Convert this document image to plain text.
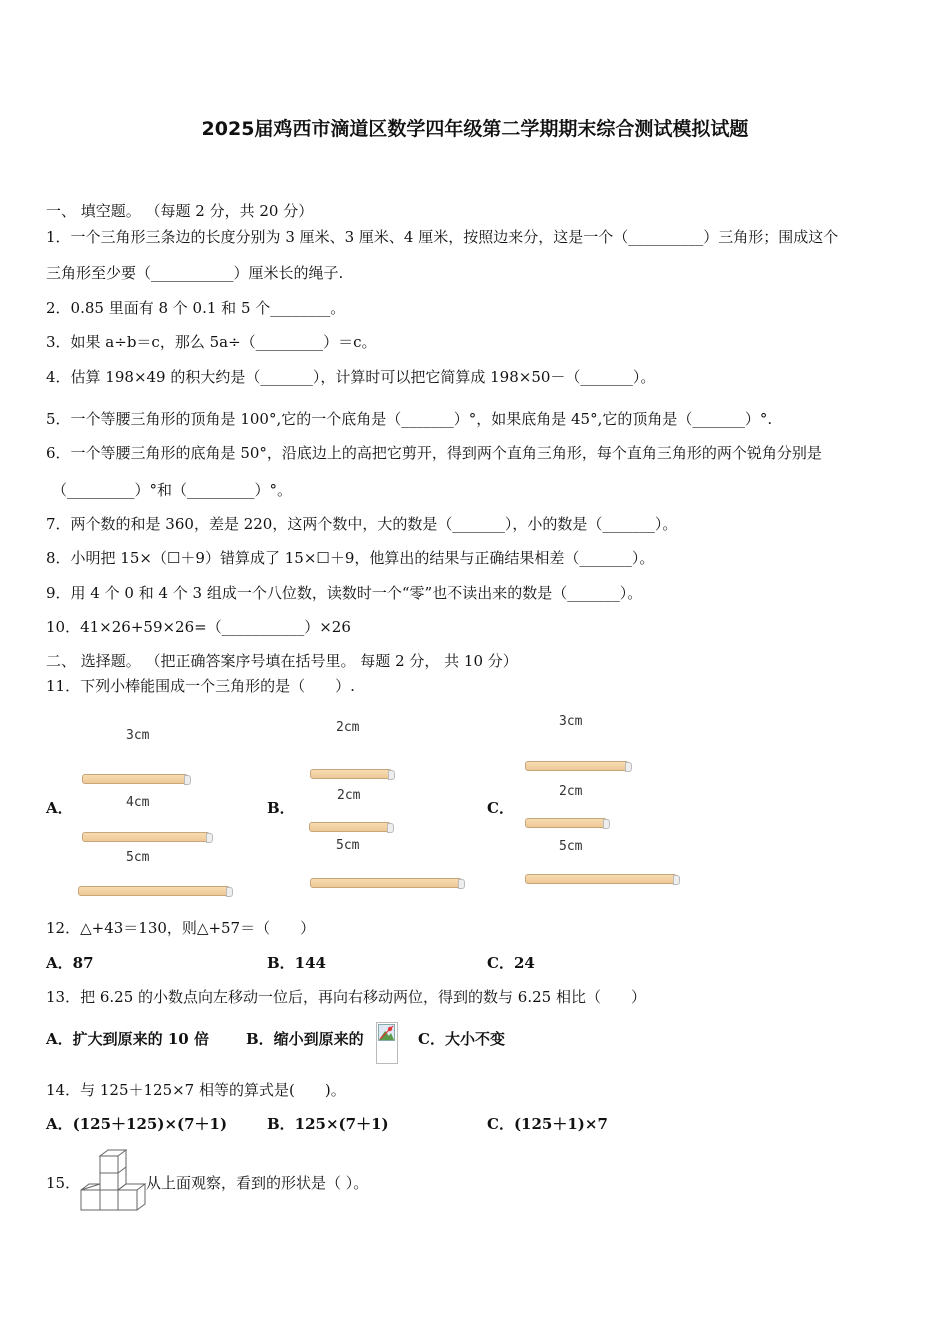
2025届鸡西市滴道区数学四年级第二学期期末综合测试模拟试题
一、 填空题。 （每题 2 分，共 20 分）
1．一个三角形三条边的长度分别为 3 厘米、3 厘米、4 厘米，按照边来分，这是一个（__________）三角形；围成这个
三角形至少要（___________）厘米长的绳子.
2．0.85 里面有 8 个 0.1 和 5 个________。
3．如果 a÷b＝c，那么 5a÷（_________）＝c。
4．估算 198×49 的积大约是（_______），计算时可以把它简算成 198×50－（_______）。
5．一个等腰三角形的顶角是 100°,它的一个底角是（_______）°，如果底角是 45°,它的顶角是（_______）°.
6．一个等腰三角形的底角是 50°，沿底边上的高把它剪开，得到两个直角三角形，每个直角三角形的两个锐角分别是
（_________）°和（_________）°。
7．两个数的和是 360，差是 220，这两个数中，大的数是（_______），小的数是（_______）。
8．小明把 15×（☐＋9）错算成了 15×☐＋9，他算出的结果与正确结果相差（_______）。
9．用 4 个 0 和 4 个 3 组成一个八位数，读数时一个“零”也不读出来的数是（_______）。
10．41×26+59×26=（___________）×26
二、 选择题。 （把正确答案序号填在括号里。 每题 2 分， 共 10 分）
11．下列小棒能围成一个三角形的是（　　）.
A．
3cm
4cm
5cm
B．
2cm
2cm
5cm
C．
3cm
2cm
5cm
12．△+43＝130，则△+57＝（　　）
A．87	B．144	C．24
13．把 6.25 的小数点向左移动一位后，再向右移动两位，得到的数与 6.25 相比（　　）
A．扩大到原来的 10 倍 B．缩小到原来的	C．大小不变
14．与 125＋125×7 相等的算式是(　　)。
A．(125＋125)×(7＋1)	B．125×(7＋1)	C．(125＋1)×7
15．	从上面观察，看到的形状是（ ）。
